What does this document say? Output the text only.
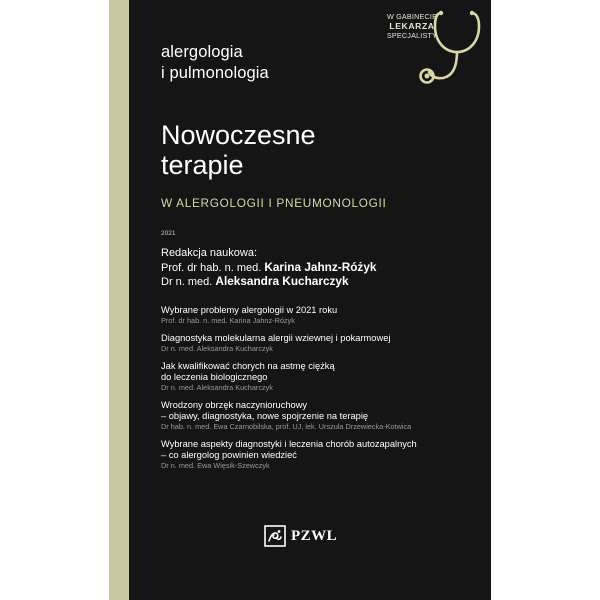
alergologia
i pulmonologia
W GABINECIE
LEKARZA
SPECJALISTY
Nowoczesne
terapie
W ALERGOLOGII I PNEUMONOLOGII
2021
Redakcja naukowa:
Prof. dr hab. n. med. Karina Jahnz-Różyk
Dr n. med. Aleksandra Kucharczyk
Wybrane problemy alergologii w 2021 roku
Prof. dr hab. n. med. Karina Jahnz-Różyk
Diagnostyka molekularna alergii wziewnej i pokarmowej
Dr n. med. Aleksandra Kucharczyk
Jak kwalifikować chorych na astmę ciężką
do leczenia biologicznego
Dr n. med. Aleksandra Kucharczyk
Wrodzony obrzęk naczynioruchowy
– objawy, diagnostyka, nowe spojrzenie na terapię
Dr hab. n. med. Ewa Czarnobilska, prof. UJ, lek. Urszula Drzewiecka-Kotwica
Wybrane aspekty diagnostyki i leczenia chorób autozapalnych
– co alergolog powinien wiedzieć
Dr n. med. Ewa Więsik-Szewczyk
PZWL
